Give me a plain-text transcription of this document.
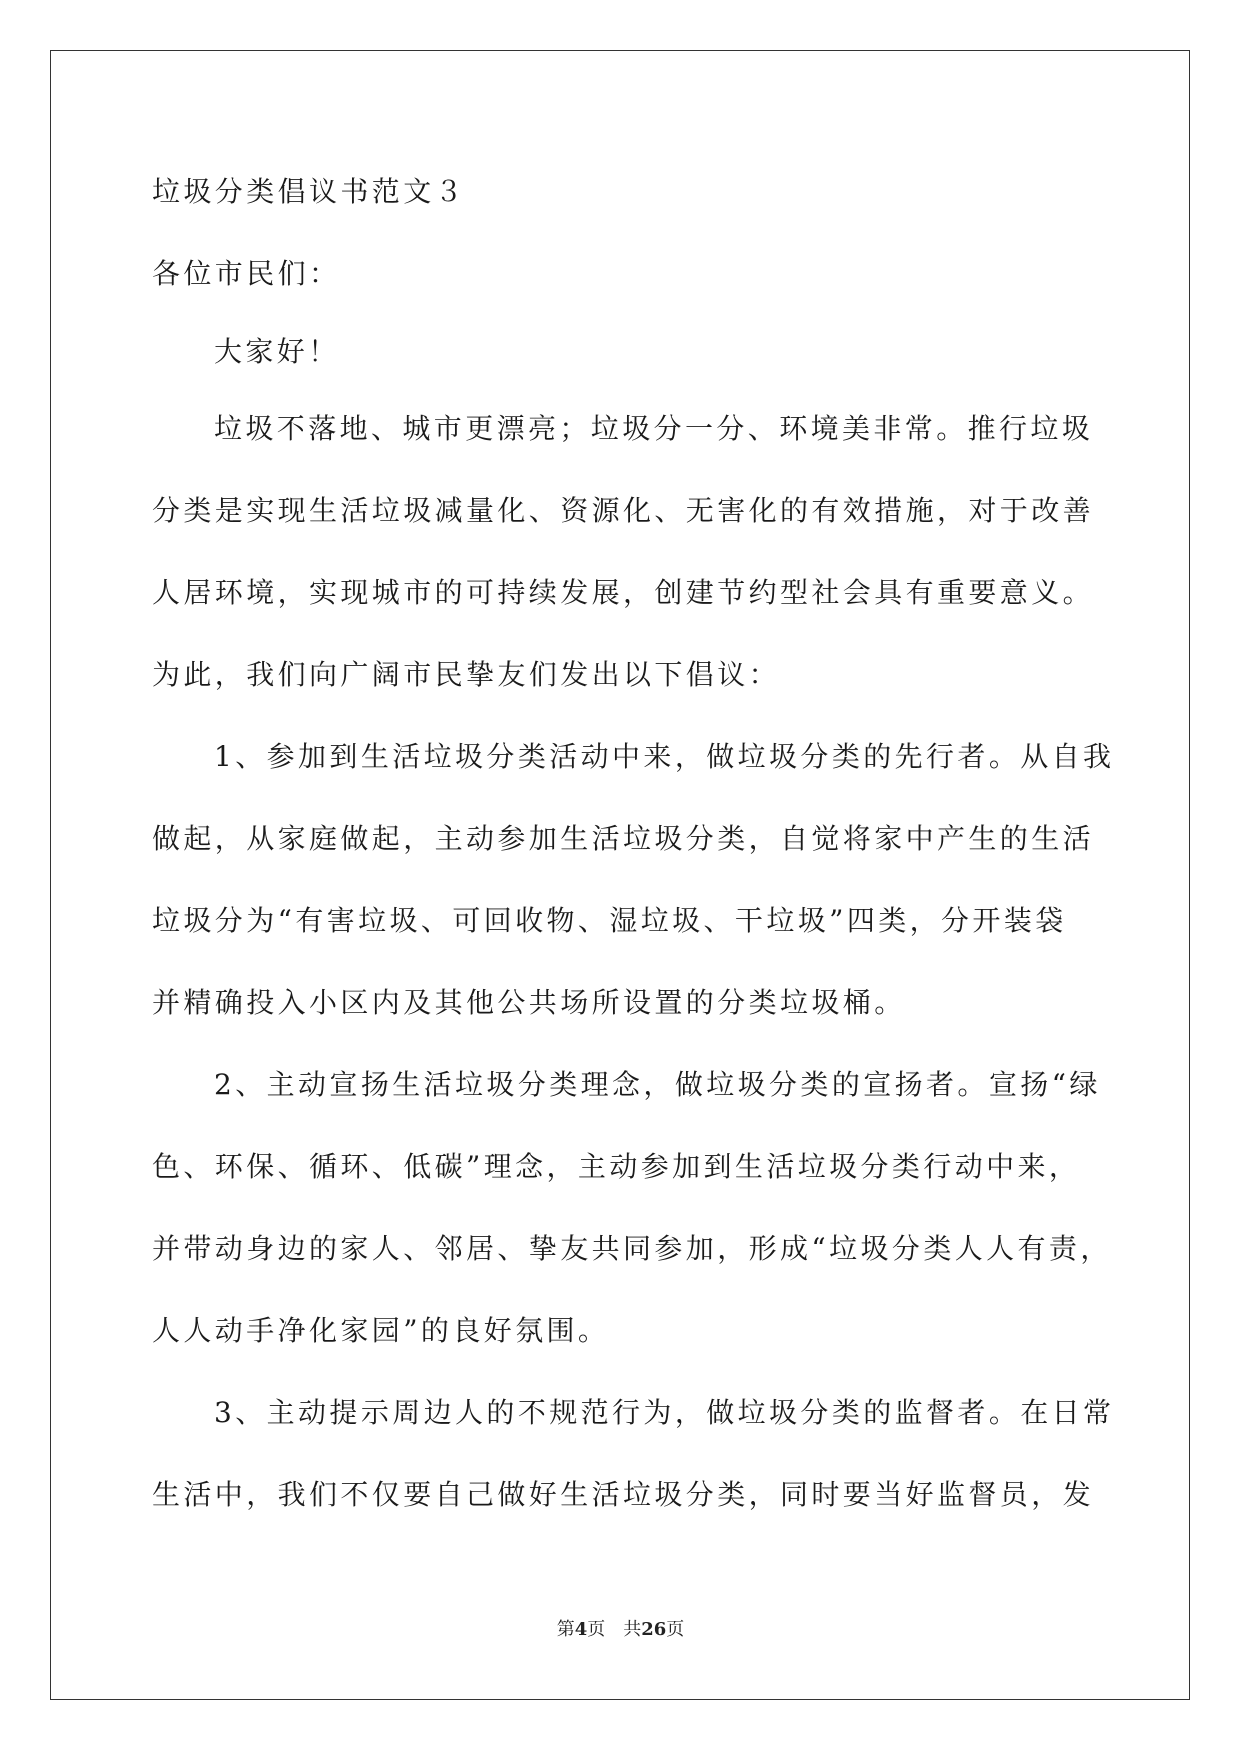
垃圾分类倡议书范文３
各位市民们：
大家好！
垃圾不落地、城市更漂亮；垃圾分一分、环境美非常。推行垃圾
分类是实现生活垃圾减量化、资源化、无害化的有效措施，对于改善
人居环境，实现城市的可持续发展，创建节约型社会具有重要意义。
为此，我们向广阔市民挚友们发出以下倡议：
1、参加到生活垃圾分类活动中来，做垃圾分类的先行者。从自我
做起，从家庭做起，主动参加生活垃圾分类，自觉将家中产生的生活
垃圾分为“有害垃圾、可回收物、湿垃圾、干垃圾”四类，分开装袋
并精确投入小区内及其他公共场所设置的分类垃圾桶。
2、主动宣扬生活垃圾分类理念，做垃圾分类的宣扬者。宣扬“绿
色、环保、循环、低碳”理念，主动参加到生活垃圾分类行动中来，
并带动身边的家人、邻居、挚友共同参加，形成“垃圾分类人人有责，
人人动手净化家园”的良好氛围。
3、主动提示周边人的不规范行为，做垃圾分类的监督者。在日常
生活中，我们不仅要自己做好生活垃圾分类，同时要当好监督员，发
第4页　共26页
